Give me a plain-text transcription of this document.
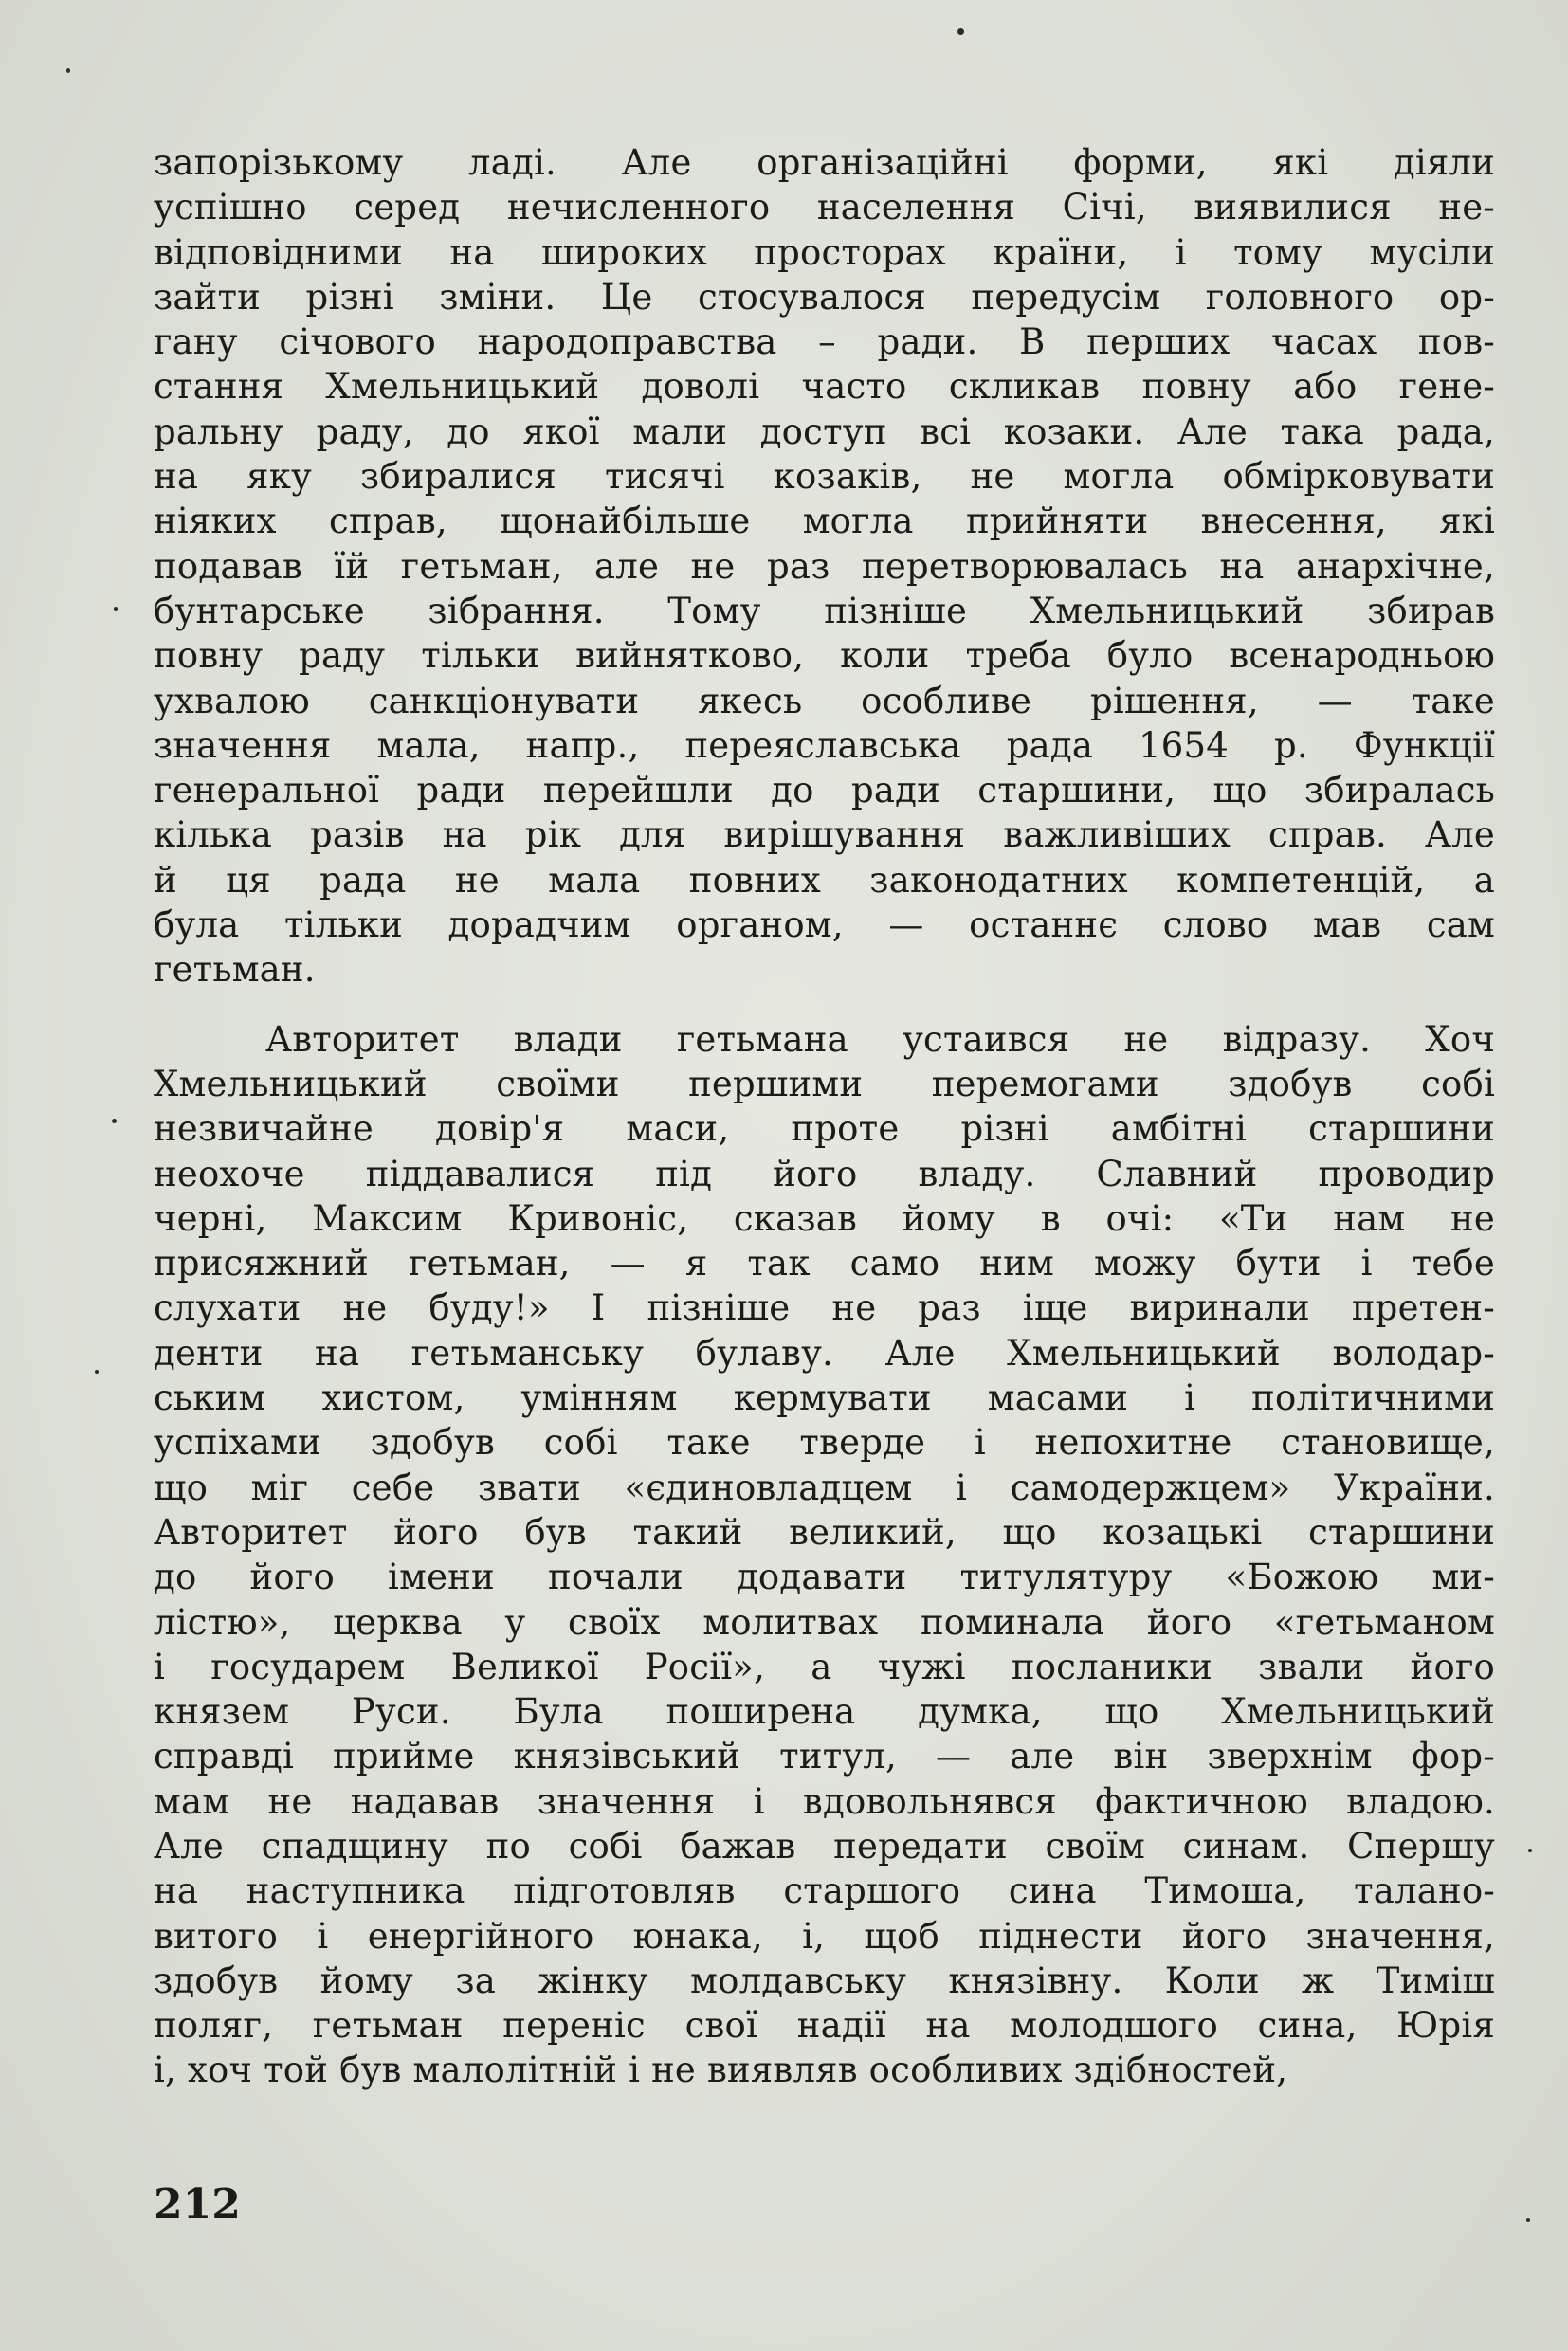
запорізькому ладі. Але організаційні форми, які діяли
успішно серед нечисленного населення Січі, виявилися не-
відповідними на широких просторах країни, і тому мусіли
зайти різні зміни. Це стосувалося передусім головного ор-
гану січового народоправства – ради. В перших часах пов-
стання Хмельницький доволі часто скликав повну або гене-
ральну раду, до якої мали доступ всі козаки. Але така рада,
на яку збиралися тисячі козаків, не могла обмірковувати
ніяких справ, щонайбільше могла прийняти внесення, які
подавав їй гетьман, але не раз перетворювалась на анархічне,
бунтарське зібрання. Тому пізніше Хмельницький збирав
повну раду тільки вийнятково, коли треба було всенародньою
ухвалою санкціонувати якесь особливе рішення, — таке
значення мала, напр., переяславська рада 1654 р. Функції
генеральної ради перейшли до ради старшини, що збиралась
кілька разів на рік для вирішування важливіших справ. Але
й ця рада не мала повних законодатних компетенцій, а
була тільки дорадчим органом, — останнє слово мав сам
гетьман.
Авторитет влади гетьмана устаився не відразу. Хоч
Хмельницький своїми першими перемогами здобув собі
незвичайне довір'я маси, проте різні амбітні старшини
неохоче піддавалися під його владу. Славний проводир
черні, Максим Кривоніс, сказав йому в очі: «Ти нам не
присяжний гетьман, — я так само ним можу бути і тебе
слухати не буду!» І пізніше не раз іще виринали претен-
денти на гетьманську булаву. Але Хмельницький володар-
ським хистом, умінням кермувати масами і політичними
успіхами здобув собі таке тверде і непохитне становище,
що міг себе звати «єдиновладцем і самодержцем» України.
Авторитет його був такий великий, що козацькі старшини
до його імени почали додавати титулятуру «Божою ми-
лістю», церква у своїх молитвах поминала його «гетьманом
і государем Великої Росії», а чужі посланики звали його
князем Руси. Була поширена думка, що Хмельницький
справді прийме князівський титул, — але він зверхнім фор-
мам не надавав значення і вдовольнявся фактичною владою.
Але спадщину по собі бажав передати своїм синам. Спершу
на наступника підготовляв старшого сина Тимоша, талано-
витого і енергійного юнака, і, щоб піднести його значення,
здобув йому за жінку молдавську князівну. Коли ж Тиміш
поляг, гетьман переніс свої надії на молодшого сина, Юрія
і, хоч той був малолітній і не виявляв особливих здібностей,
212
